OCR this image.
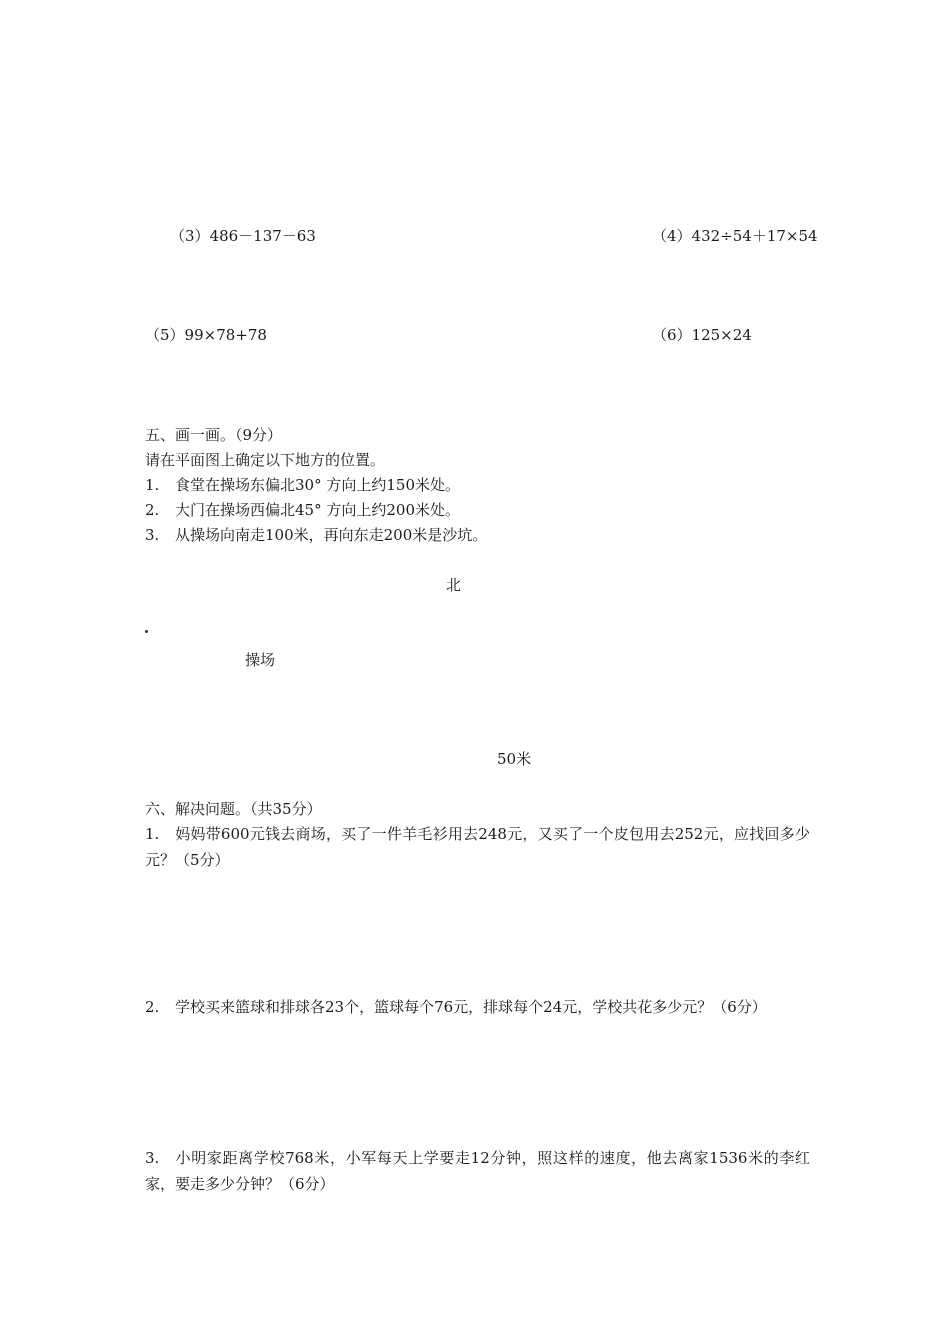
（3）486－137－63	（4）432÷54＋17×54
（5）99×78+78	（6）125×24
五、画一画。（9分）
请在平面图上确定以下地方的位置。
1. 食堂在操场东偏北30° 方向上约150米处。
2. 大门在操场西偏北45° 方向上约200米处。
3. 从操场向南走100米，再向东走200米是沙坑。
北
操场
50米
六、解决问题。（共35分）
1. 妈妈带600元钱去商场，买了一件羊毛衫用去248元，又买了一个皮包用去252元，应找回多少元？（5分）
2. 学校买来篮球和排球各23个，篮球每个76元，排球每个24元，学校共花多少元？（6分）
3. 小明家距离学校768米，小军每天上学要走12分钟，照这样的速度，他去离家1536米的李红家，要走多少分钟？（6分）
